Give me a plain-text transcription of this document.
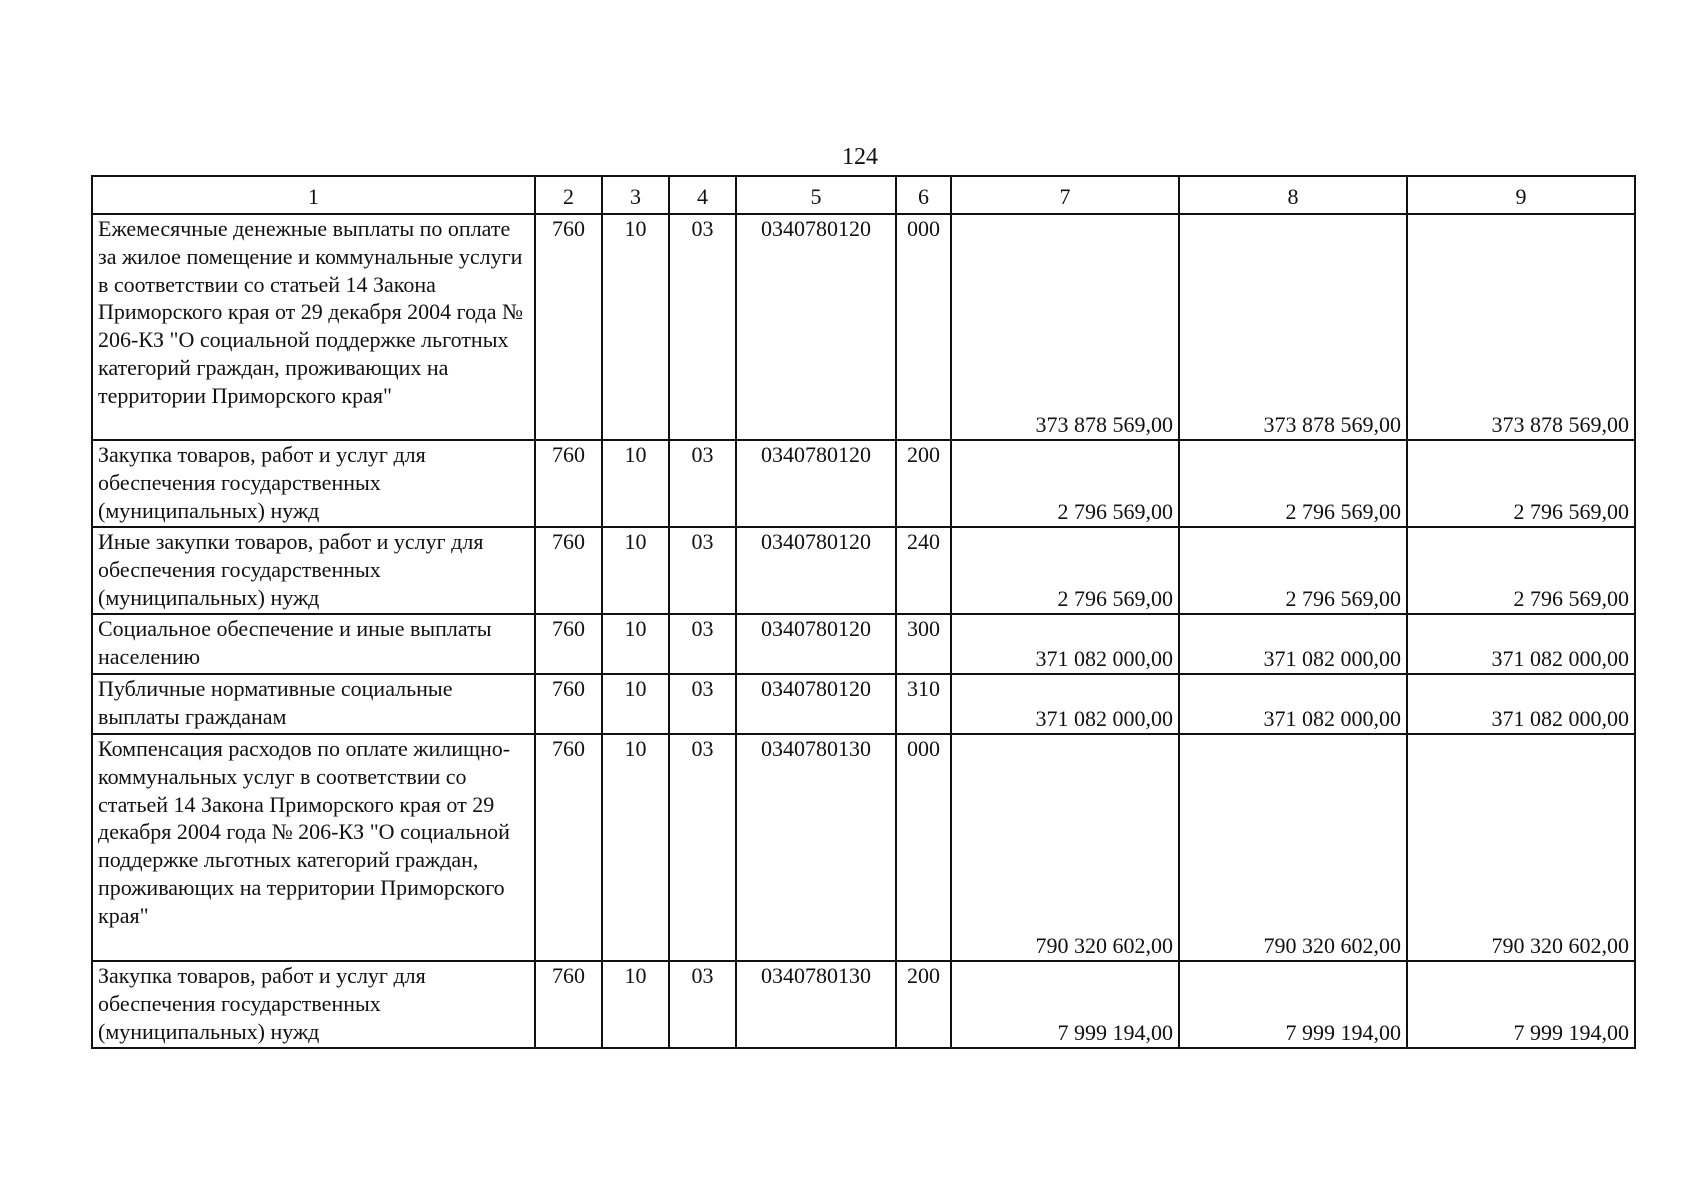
124
1	2	3	4	5	6	7	8	9
Ежемесячные денежные выплаты по оплате за жилое помещение и коммунальные услуги в соответствии со статьей 14 Закона Приморского края от 29 декабря 2004 года № 206-КЗ "О социальной поддержке льготных категорий граждан, проживающих на территории Приморского края"	760	10	03	0340780120	000	373 878 569,00	373 878 569,00	373 878 569,00
Закупка товаров, работ и услуг для обеспечения государственных (муниципальных) нужд	760	10	03	0340780120	200	2 796 569,00	2 796 569,00	2 796 569,00
Иные закупки товаров, работ и услуг для обеспечения государственных (муниципальных) нужд	760	10	03	0340780120	240	2 796 569,00	2 796 569,00	2 796 569,00
Социальное обеспечение и иные выплаты населению	760	10	03	0340780120	300	371 082 000,00	371 082 000,00	371 082 000,00
Публичные нормативные социальные выплаты гражданам	760	10	03	0340780120	310	371 082 000,00	371 082 000,00	371 082 000,00
Компенсация расходов по оплате жилищно-коммунальных услуг в соответствии со статьей 14 Закона Приморского края от 29 декабря 2004 года № 206-КЗ "О социальной поддержке льготных категорий граждан, проживающих на территории Приморского края"	760	10	03	0340780130	000	790 320 602,00	790 320 602,00	790 320 602,00
Закупка товаров, работ и услуг для обеспечения государственных (муниципальных) нужд	760	10	03	0340780130	200	7 999 194,00	7 999 194,00	7 999 194,00
